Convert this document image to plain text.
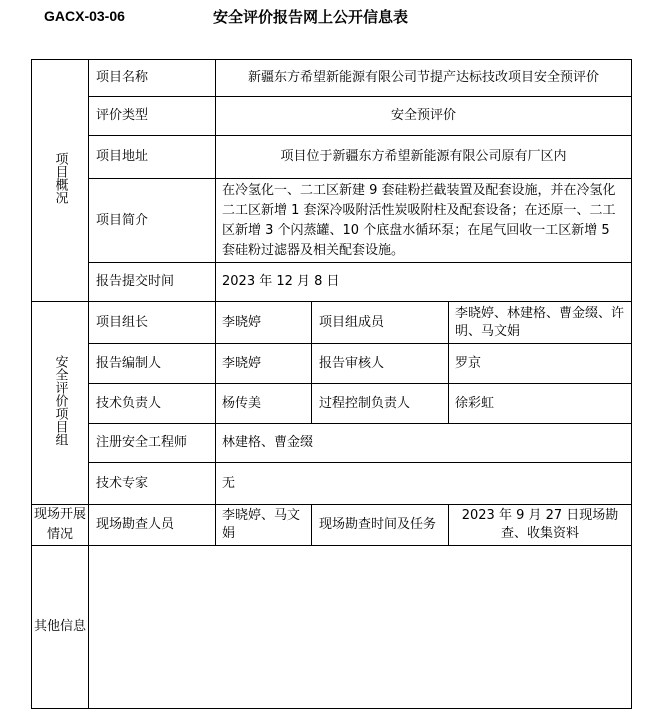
GACX-03-06	安全评价报告网上公开信息表
项目概况	项目名称	新疆东方希望新能源有限公司节提产达标技改项目安全预评价		
	评价类型	安全预评价		
	项目地址	项目位于新疆东方希望新能源有限公司原有厂区内		
	项目简介	在冷氢化一、二工区新建 9 套硅粉拦截装置及配套设施，并在冷氢化二工区新增 1 套深冷吸附活性炭吸附柱及配套设备；在还原一、二工区新增 3 个闪蒸罐、10 个底盘水循环泵；在尾气回收一工区新增 5 套硅粉过滤器及相关配套设施。		
	报告提交时间	2023 年 12 月 8 日		
安全评价项目组	项目组长	李晓婷	项目组成员	李晓婷、林建格、曹金缀、许明、马文娟
	报告编制人	李晓婷	报告审核人	罗京
	技术负责人	杨传美	过程控制负责人	徐彩虹
	注册安全工程师	林建格、曹金缀		
	技术专家	无		
现场开展情况	现场勘查人员	李晓婷、马文娟	现场勘查时间及任务	2023 年 9 月 27 日现场勘查、收集资料
其他信息				
